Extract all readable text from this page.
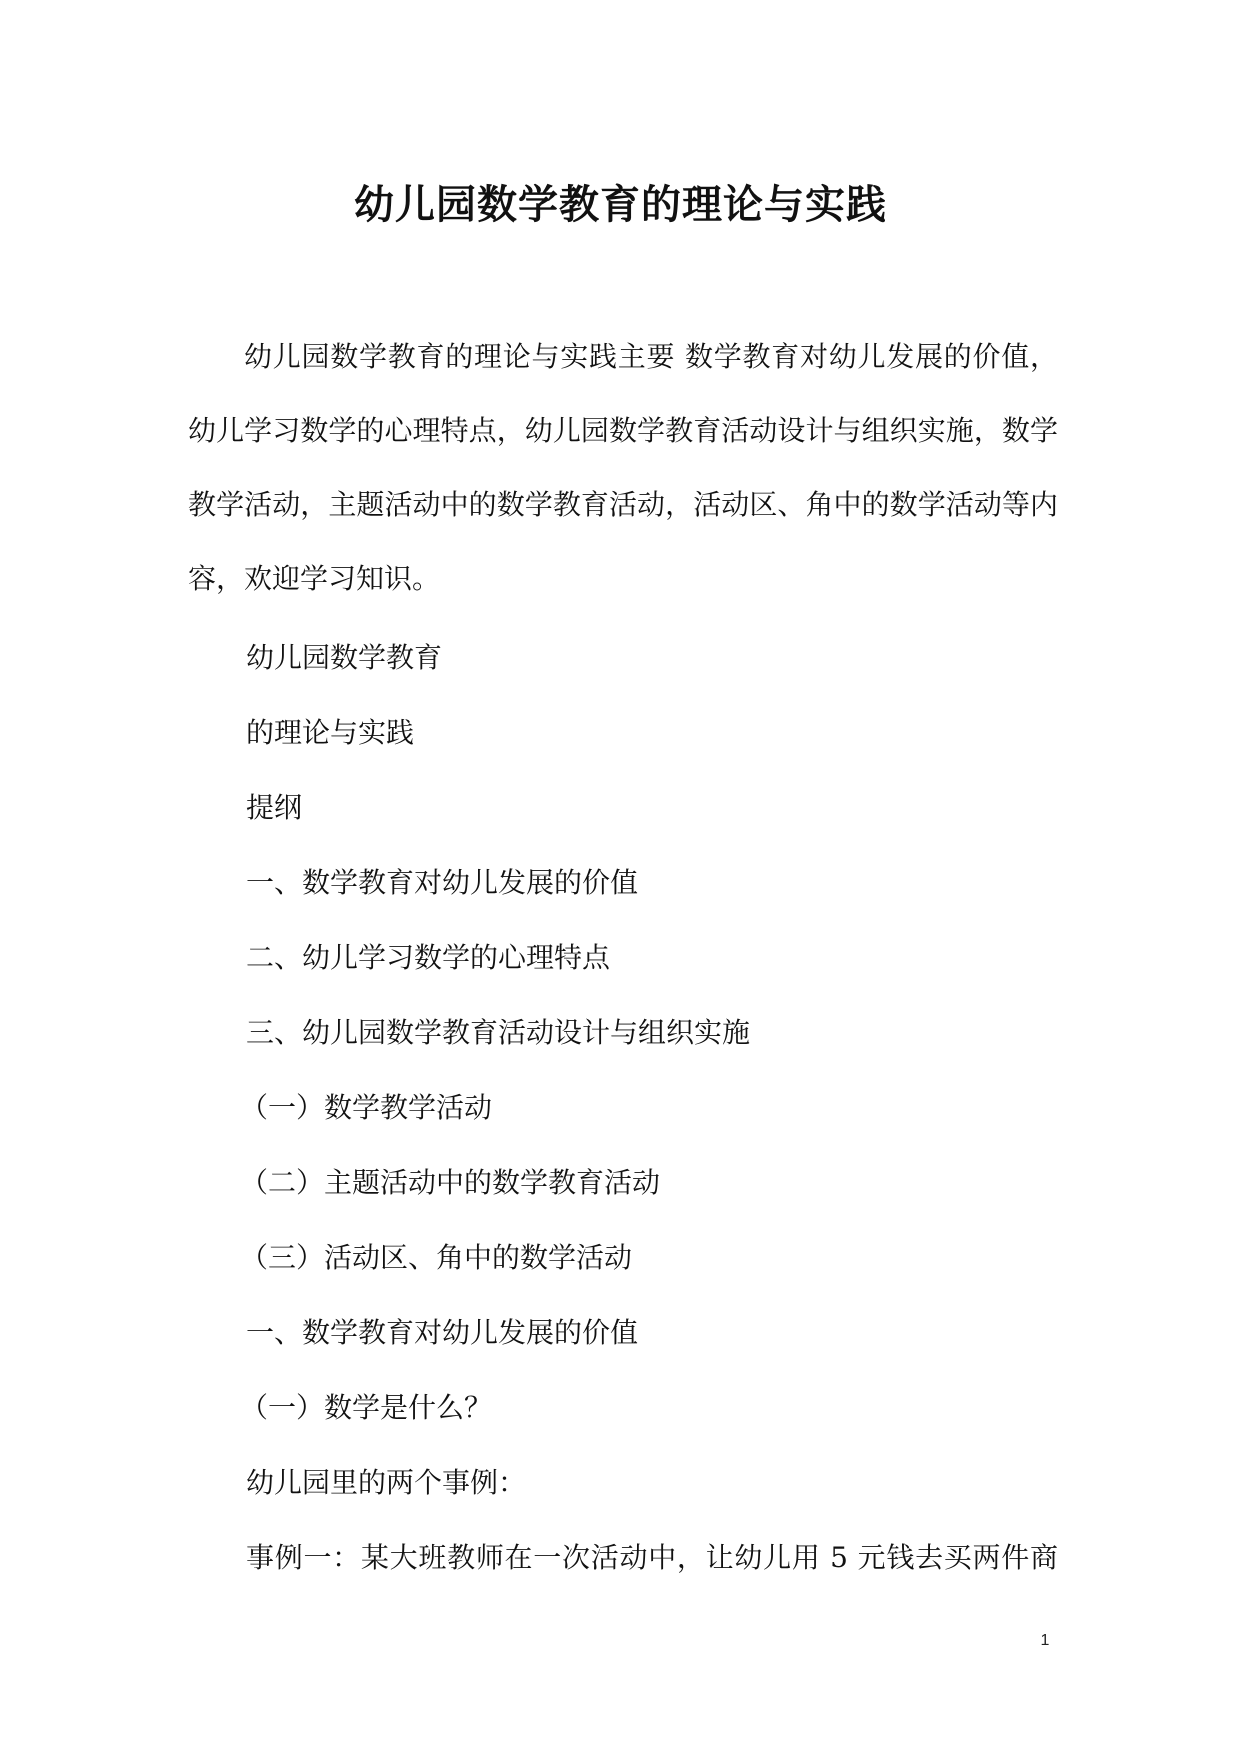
幼儿园数学教育的理论与实践

幼儿园数学教育的理论与实践主要 数学教育对幼儿发展的价值，幼儿学习数学的心理特点，幼儿园数学教育活动设计与组织实施，数学教学活动，主题活动中的数学教育活动，活动区、角中的数学活动等内容，欢迎学习知识。

幼儿园数学教育

的理论与实践

提纲

一、数学教育对幼儿发展的价值

二、幼儿学习数学的心理特点

三、幼儿园数学教育活动设计与组织实施

（一）数学教学活动

（二）主题活动中的数学教育活动

（三）活动区、角中的数学活动

一、数学教育对幼儿发展的价值

（一）数学是什么？

幼儿园里的两个事例：

事例一：某大班教师在一次活动中，让幼儿用 5 元钱去买两件商

1
